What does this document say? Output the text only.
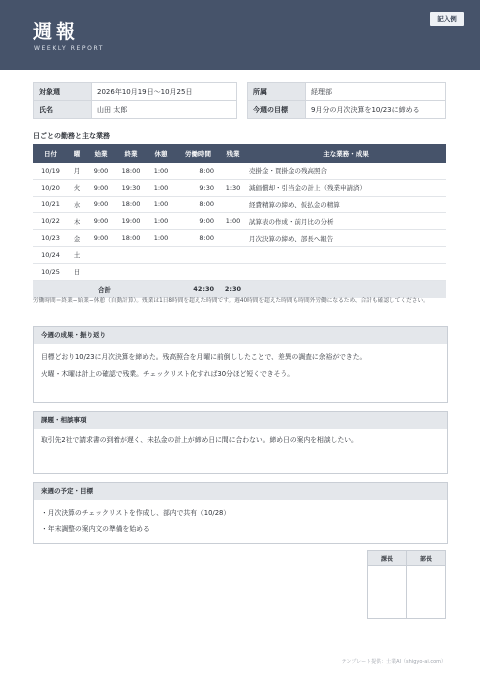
週報
WEEKLY REPORT
記入例
対象週	2026年10月19日〜10月25日		所属	経理部
氏名	山田 太郎		今週の目標	9月分の月次決算を10/23に締める
日ごとの勤務と主な業務
日付	曜	始業	終業	休憩	労働時間	残業	主な業務・成果
10/19	月	9:00	18:00	1:00	8:00		売掛金・買掛金の残高照合
10/20	火	9:00	19:30	1:00	9:30	1:30	減価償却・引当金の計上（残業申請済）
10/21	水	9:00	18:00	1:00	8:00		経費精算の締め、仮払金の精算
10/22	木	9:00	19:00	1:00	9:00	1:00	試算表の作成・前月比の分析
10/23	金	9:00	18:00	1:00	8:00		月次決算の締め、部長へ報告
10/24	土						
10/25	日						
合計					42:30	2:30	
労働時間＝終業−始業−休憩（自動計算）。残業は1日8時間を超えた時間です。週40時間を超えた時間も時間外労働になるため、合計も確認してください。
今週の成果・振り返り
目標どおり10/23に月次決算を締めた。残高照合を月曜に前倒ししたことで、差異の調査に余裕ができた。
火曜・木曜は計上の確認で残業。チェックリスト化すれば30分ほど短くできそう。
課題・相談事項
取引先2社で請求書の到着が遅く、未払金の計上が締め日に間に合わない。締め日の案内を相談したい。
来週の予定・目標
・月次決算のチェックリストを作成し、部内で共有（10/28）
・年末調整の案内文の準備を始める
課長	部長

テンプレート提供：士業AI（shigyo-ai.com）
